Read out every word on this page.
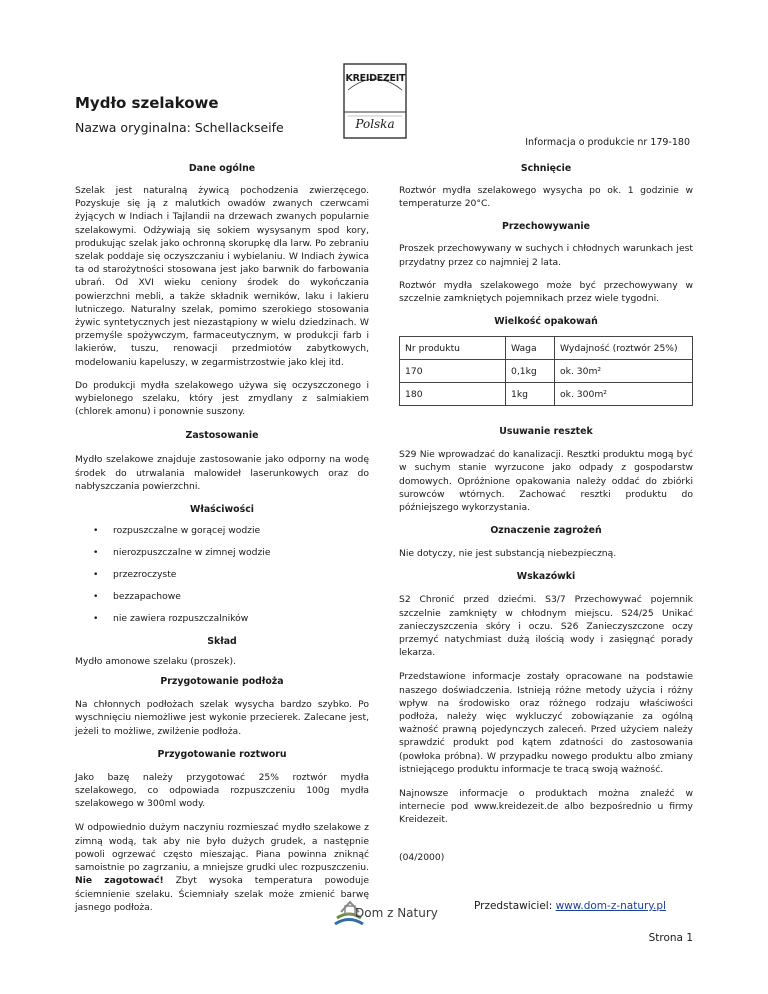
Mydło szelakowe
Nazwa oryginalna: Schellackseife
KREIDEZEIT
Polska
Informacja o produkcie nr 179-180
Dane ogólne

Szelak jest naturalną żywicą pochodzenia zwierzęcego. Pozyskuje się ją z malutkich owadów zwanych czerwcami żyjących w Indiach i Tajlandii na drzewach zwanych popularnie szelakowymi. Odżywiają się sokiem wysysanym spod kory, produkując szelak jako ochronną skorupkę dla larw. Po zebraniu szelak poddaje się oczyszczaniu i wybielaniu. W Indiach żywica ta od starożytności stosowana jest jako barwnik do farbowania ubrań. Od XVI wieku ceniony środek do wykończania powierzchni mebli, a także składnik werników, laku i lakieru lutniczego. Naturalny szelak, pomimo szerokiego stosowania żywic syntetycznych jest niezastąpiony w wielu dziedzinach. W przemyśle spożywczym, farmaceutycznym, w produkcji farb i lakierów, tuszu, renowacji przedmiotów zabytkowych, modelowaniu kapeluszy, w zegarmistrzostwie jako klej itd.

Do produkcji mydła szelakowego używa się oczyszczonego i wybielonego szelaku, który jest zmydlany z salmiakiem (chlorek amonu) i ponownie suszony.

Zastosowanie

Mydło szelakowe znajduje zastosowanie jako odporny na wodę środek do utrwalania malowideł laserunkowych oraz do nabłyszczania powierzchni.

Właściwości
•	rozpuszczalne w gorącej wodzie
•	nierozpuszczalne w zimnej wodzie
•	przezroczyste
•	bezzapachowe
•	nie zawiera rozpuszczalników
Skład

Mydło amonowe szelaku (proszek).

Przygotowanie podłoża

Na chłonnych podłożach szelak wysycha bardzo szybko. Po wyschnięciu niemożliwe jest wykonie przecierek. Zalecane jest, jeżeli to możliwe, zwilżenie podłoża.

Przygotowanie roztworu

Jako bazę należy przygotować 25% roztwór mydła szelakowego, co odpowiada rozpuszczeniu 100g mydła szelakowego w 300ml wody.

W odpowiednio dużym naczyniu rozmieszać mydło szelakowe z zimną wodą, tak aby nie było dużych grudek, a następnie powoli ogrzewać często mieszając. Piana powinna zniknąć samoistnie po zagrzaniu, a mniejsze grudki ulec rozpuszczeniu. Nie zagotować! Zbyt wysoka temperatura powoduje ściemnienie szelaku. Ściemniały szelak może zmienić barwę jasnego podłoża.

Schnięcie

Roztwór mydła szelakowego wysycha po ok. 1 godzinie w temperaturze 20°C.

Przechowywanie

Proszek przechowywany w suchych i chłodnych warunkach jest przydatny przez co najmniej 2 lata.

Roztwór mydła szelakowego może być przechowywany w szczelnie zamkniętych pojemnikach przez wiele tygodni.

Wielkość opakowań
Nr produktu	Waga	Wydajność (roztwór 25%)
170	0,1kg	ok. 30m²
180	1kg	ok. 300m²
Usuwanie resztek

S29 Nie wprowadzać do kanalizacji. Resztki produktu mogą być w suchym stanie wyrzucone jako odpady z gospodarstw domowych. Opróżnione opakowania należy oddać do zbiórki surowców wtórnych. Zachować resztki produktu do późniejszego wykorzystania.

Oznaczenie zagrożeń

Nie dotyczy, nie jest substancją niebezpieczną.

Wskazówki

S2 Chronić przed dziećmi. S3/7 Przechowywać pojemnik szczelnie zamknięty w chłodnym miejscu. S24/25 Unikać zanieczyszczenia skóry i oczu. S26 Zanieczyszczone oczy przemyć natychmiast dużą ilością wody i zasięgnąć porady lekarza.

Przedstawione informacje zostały opracowane na podstawie naszego doświadczenia. Istnieją różne metody użycia i różny wpływ na środowisko oraz różnego rodzaju właściwości podłoża, należy więc wykluczyć zobowiązanie za ogólną ważność prawną pojedynczych zaleceń. Przed użyciem należy sprawdzić produkt pod kątem zdatności do zastosowania (powłoka próbna). W przypadku nowego produktu albo zmiany istniejącego produktu informacje te tracą swoją ważność.

Najnowsze informacje o produktach można znaleźć w internecie pod www.kreidezeit.de albo bezpośrednio u firmy Kreidezeit.

(04/2000)

Dom z Natury	Przedstawiciel: www.dom-z-natury.pl
Strona 1
